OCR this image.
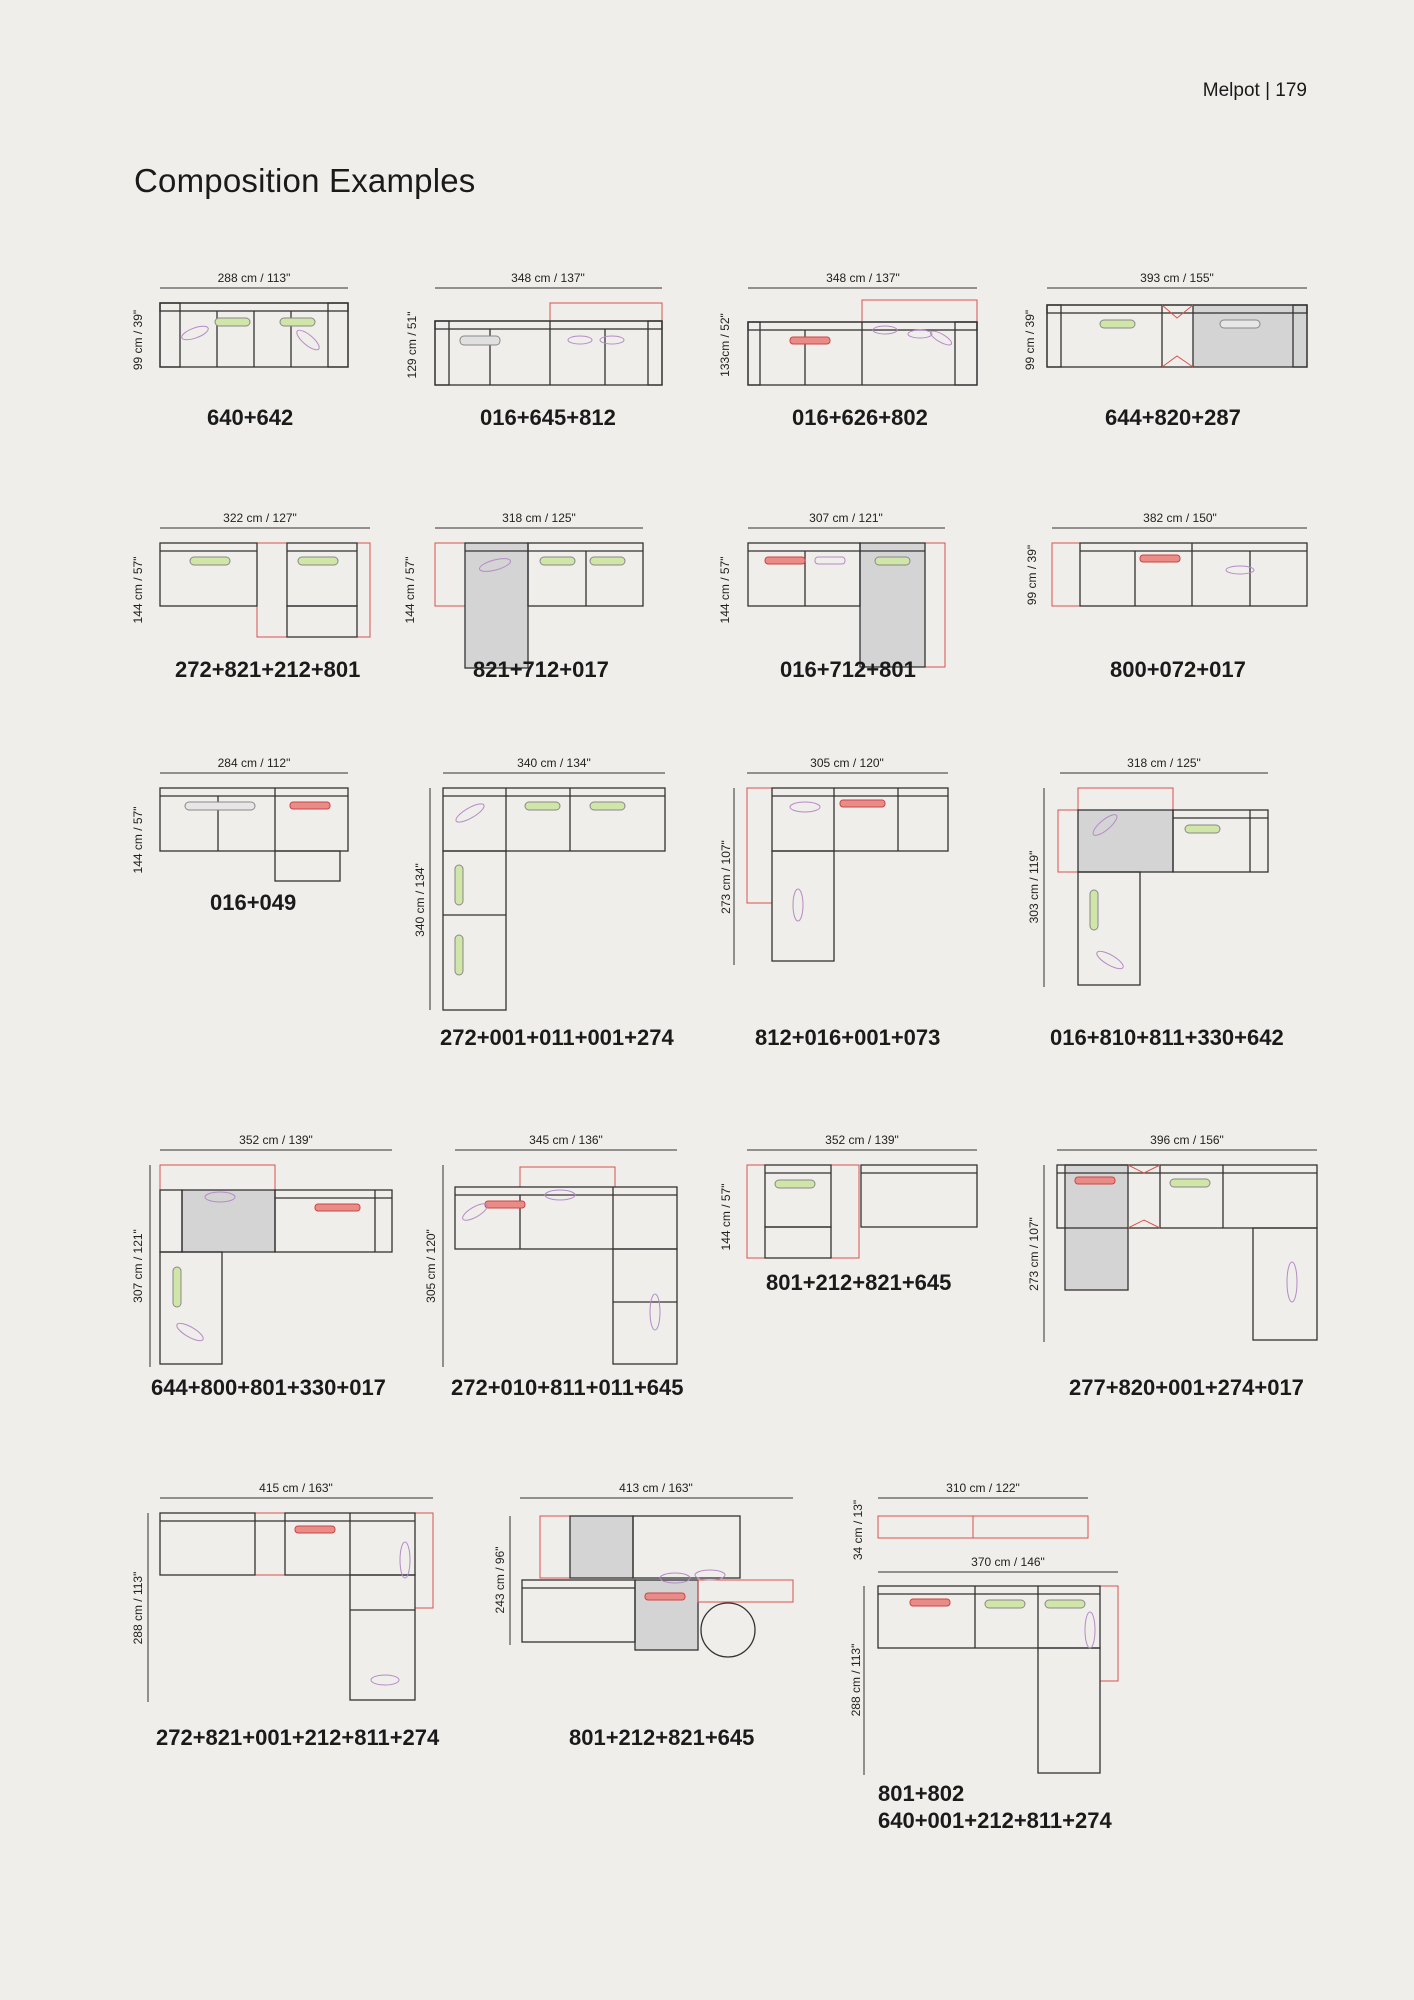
Melpot | 179
Composition Examples
288 cm / 113"
99 cm / 39"
640+642
348 cm / 137"
129 cm / 51"
016+645+812
348 cm / 137"
133cm / 52"
016+626+802
393 cm / 155"
99 cm / 39"
644+820+287
322 cm / 127"
144 cm / 57"
272+821+212+801
318 cm / 125"
144 cm / 57"
821+712+017
307 cm / 121"
144 cm / 57"
016+712+801
382 cm / 150"
99 cm / 39"
800+072+017
284 cm / 112"
144 cm / 57"
016+049
340 cm / 134"
340 cm / 134"
272+001+011+001+274
305 cm / 120"
273 cm / 107"
812+016+001+073
318 cm / 125"
303 cm / 119"
016+810+811+330+642
352 cm / 139"
307 cm / 121"
644+800+801+330+017
345 cm / 136"
305 cm / 120"
272+010+811+011+645
352 cm / 139"
144 cm / 57"
801+212+821+645
396 cm / 156"
273 cm / 107"
277+820+001+274+017
415 cm / 163"
288 cm / 113"
272+821+001+212+811+274
413 cm / 163"
243 cm / 96"
801+212+821+645
310 cm / 122"
34 cm / 13"
370 cm / 146"
288 cm / 113"
801+802
640+001+212+811+274
